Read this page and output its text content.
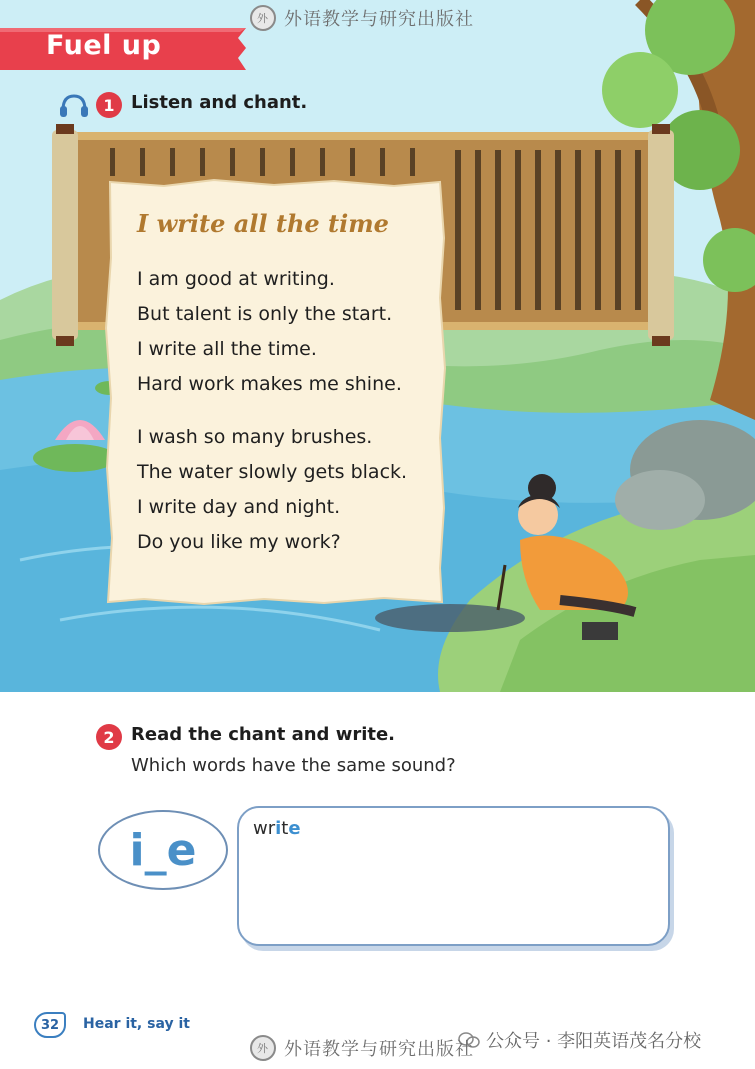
外 外语教学与研究出版社
Fuel up
1 Listen and chant.
I write all the time
I am good at writing.
But talent is only the start.
I write all the time.
Hard work makes me shine.
I wash so many brushes.
The water slowly gets black.
I write day and night.
Do you like my work?
2 Read the chant and write.
Which words have the same sound?
i_e	write
32	Hear it, say it
公众号 · 李阳英语茂名分校
外 外语教学与研究出版社
